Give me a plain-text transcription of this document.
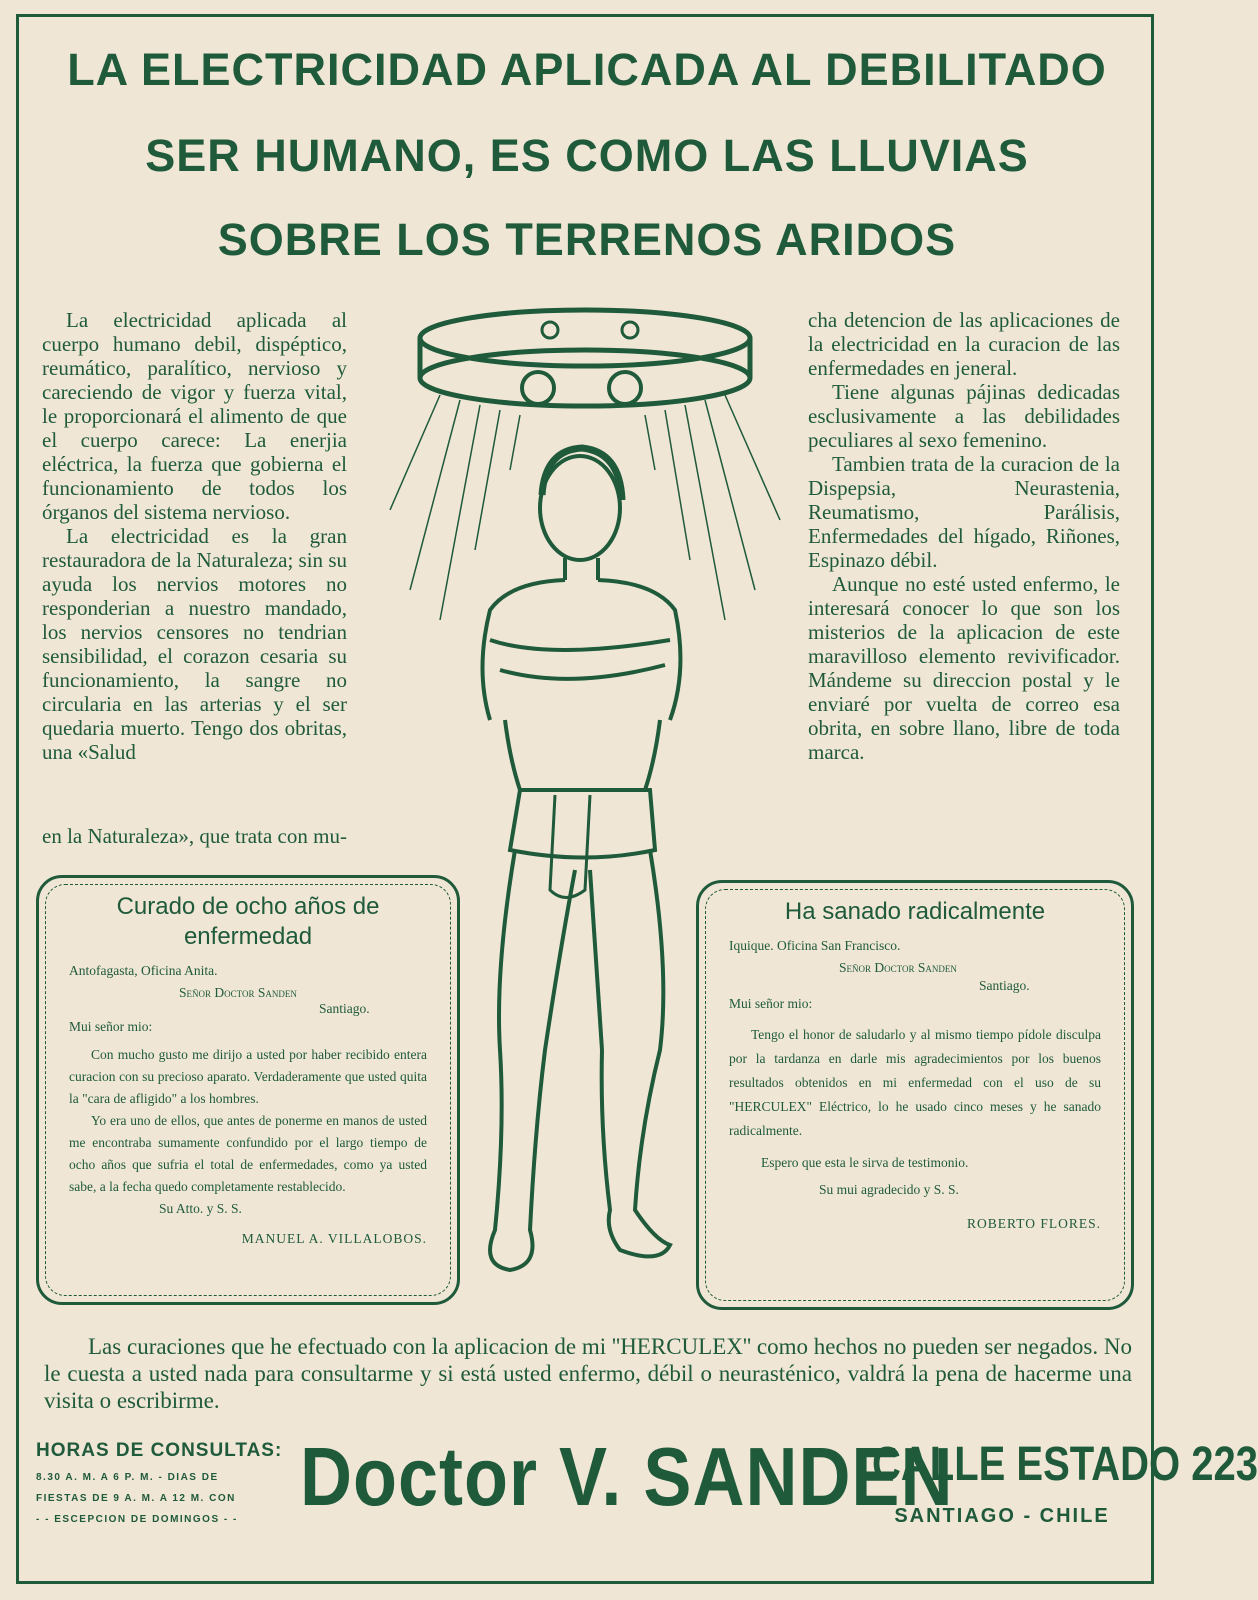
LA ELECTRICIDAD APLICADA AL DEBILITADO
SER HUMANO, ES COMO LAS LLUVIAS
SOBRE LOS TERRENOS ARIDOS

La electricidad aplicada al cuerpo humano debil, dispéptico, reumático, paralítico, nervioso y careciendo de vigor y fuerza vital, le proporcionará el alimento de que el cuerpo carece: La enerjia eléctrica, la fuerza que gobierna el funcionamiento de todos los órganos del sistema nervioso.

La electricidad es la gran restauradora de la Naturaleza; sin su ayuda los nervios motores no responderian a nuestro mandado, los nervios censores no tendrian sensibilidad, el corazon cesaria su funcionamiento, la sangre no circularia en las arterias y el ser quedaria muerto. Tengo dos obritas, una «Salud

en la Naturaleza», que trata con mu-

cha detencion de las aplicaciones de la electricidad en la curacion de las enfermedades en jeneral.

Tiene algunas pájinas dedicadas esclusivamente a las debilidades peculiares al sexo femenino.

Tambien trata de la curacion de la Dispepsia, Neurastenia, Reumatismo, Parálisis, Enfermedades del hígado, Riñones, Espinazo débil.

Aunque no esté usted enfermo, le interesará conocer lo que son los misterios de la aplicacion de este maravilloso elemento revivificador. Mándeme su direccion postal y le enviaré por vuelta de correo esa obrita, en sobre llano, libre de toda marca.

Curado de ocho años de enfermedad
Antofagasta, Oficina Anita.
Señor Doctor Sanden
Santiago.
Mui señor mio:

Con mucho gusto me dirijo a usted por haber recibido entera curacion con su precioso aparato. Verdaderamente que usted quita la "cara de afligido" a los hombres.

Yo era uno de ellos, que antes de ponerme en manos de usted me encontraba sumamente confundido por el largo tiempo de ocho años que sufria el total de enfermedades, como ya usted sabe, a la fecha quedo completamente restablecido.

Su Atto. y S. S.
MANUEL A. VILLALOBOS.
Ha sanado radicalmente
Iquique. Oficina San Francisco.
Señor Doctor Sanden
Santiago.
Mui señor mio:

Tengo el honor de saludarlo y al mismo tiempo pídole disculpa por la tardanza en darle mis agradecimientos por los buenos resultados obtenidos en mi enfermedad con el uso de su "HERCULEX" Eléctrico, lo he usado cinco meses y he sanado radicalmente.

Espero que esta le sirva de testimonio.

Su mui agradecido y S. S.
ROBERTO FLORES.
Las curaciones que he efectuado con la aplicacion de mi ''HERCULEX'' como hechos no pueden ser negados. No le cuesta a usted nada para consultarme y si está usted enfermo, débil o neurasténico, valdrá la pena de hacerme una visita o escribirme.
HORAS DE CONSULTAS:
8.30 A. M. A 6 P. M. - DIAS DE
FIESTAS DE 9 A. M. A 12 M. CON
- - ESCEPCION DE DOMINGOS - - Doctor V. SANDEN
CALLE ESTADO 223
SANTIAGO - CHILE
